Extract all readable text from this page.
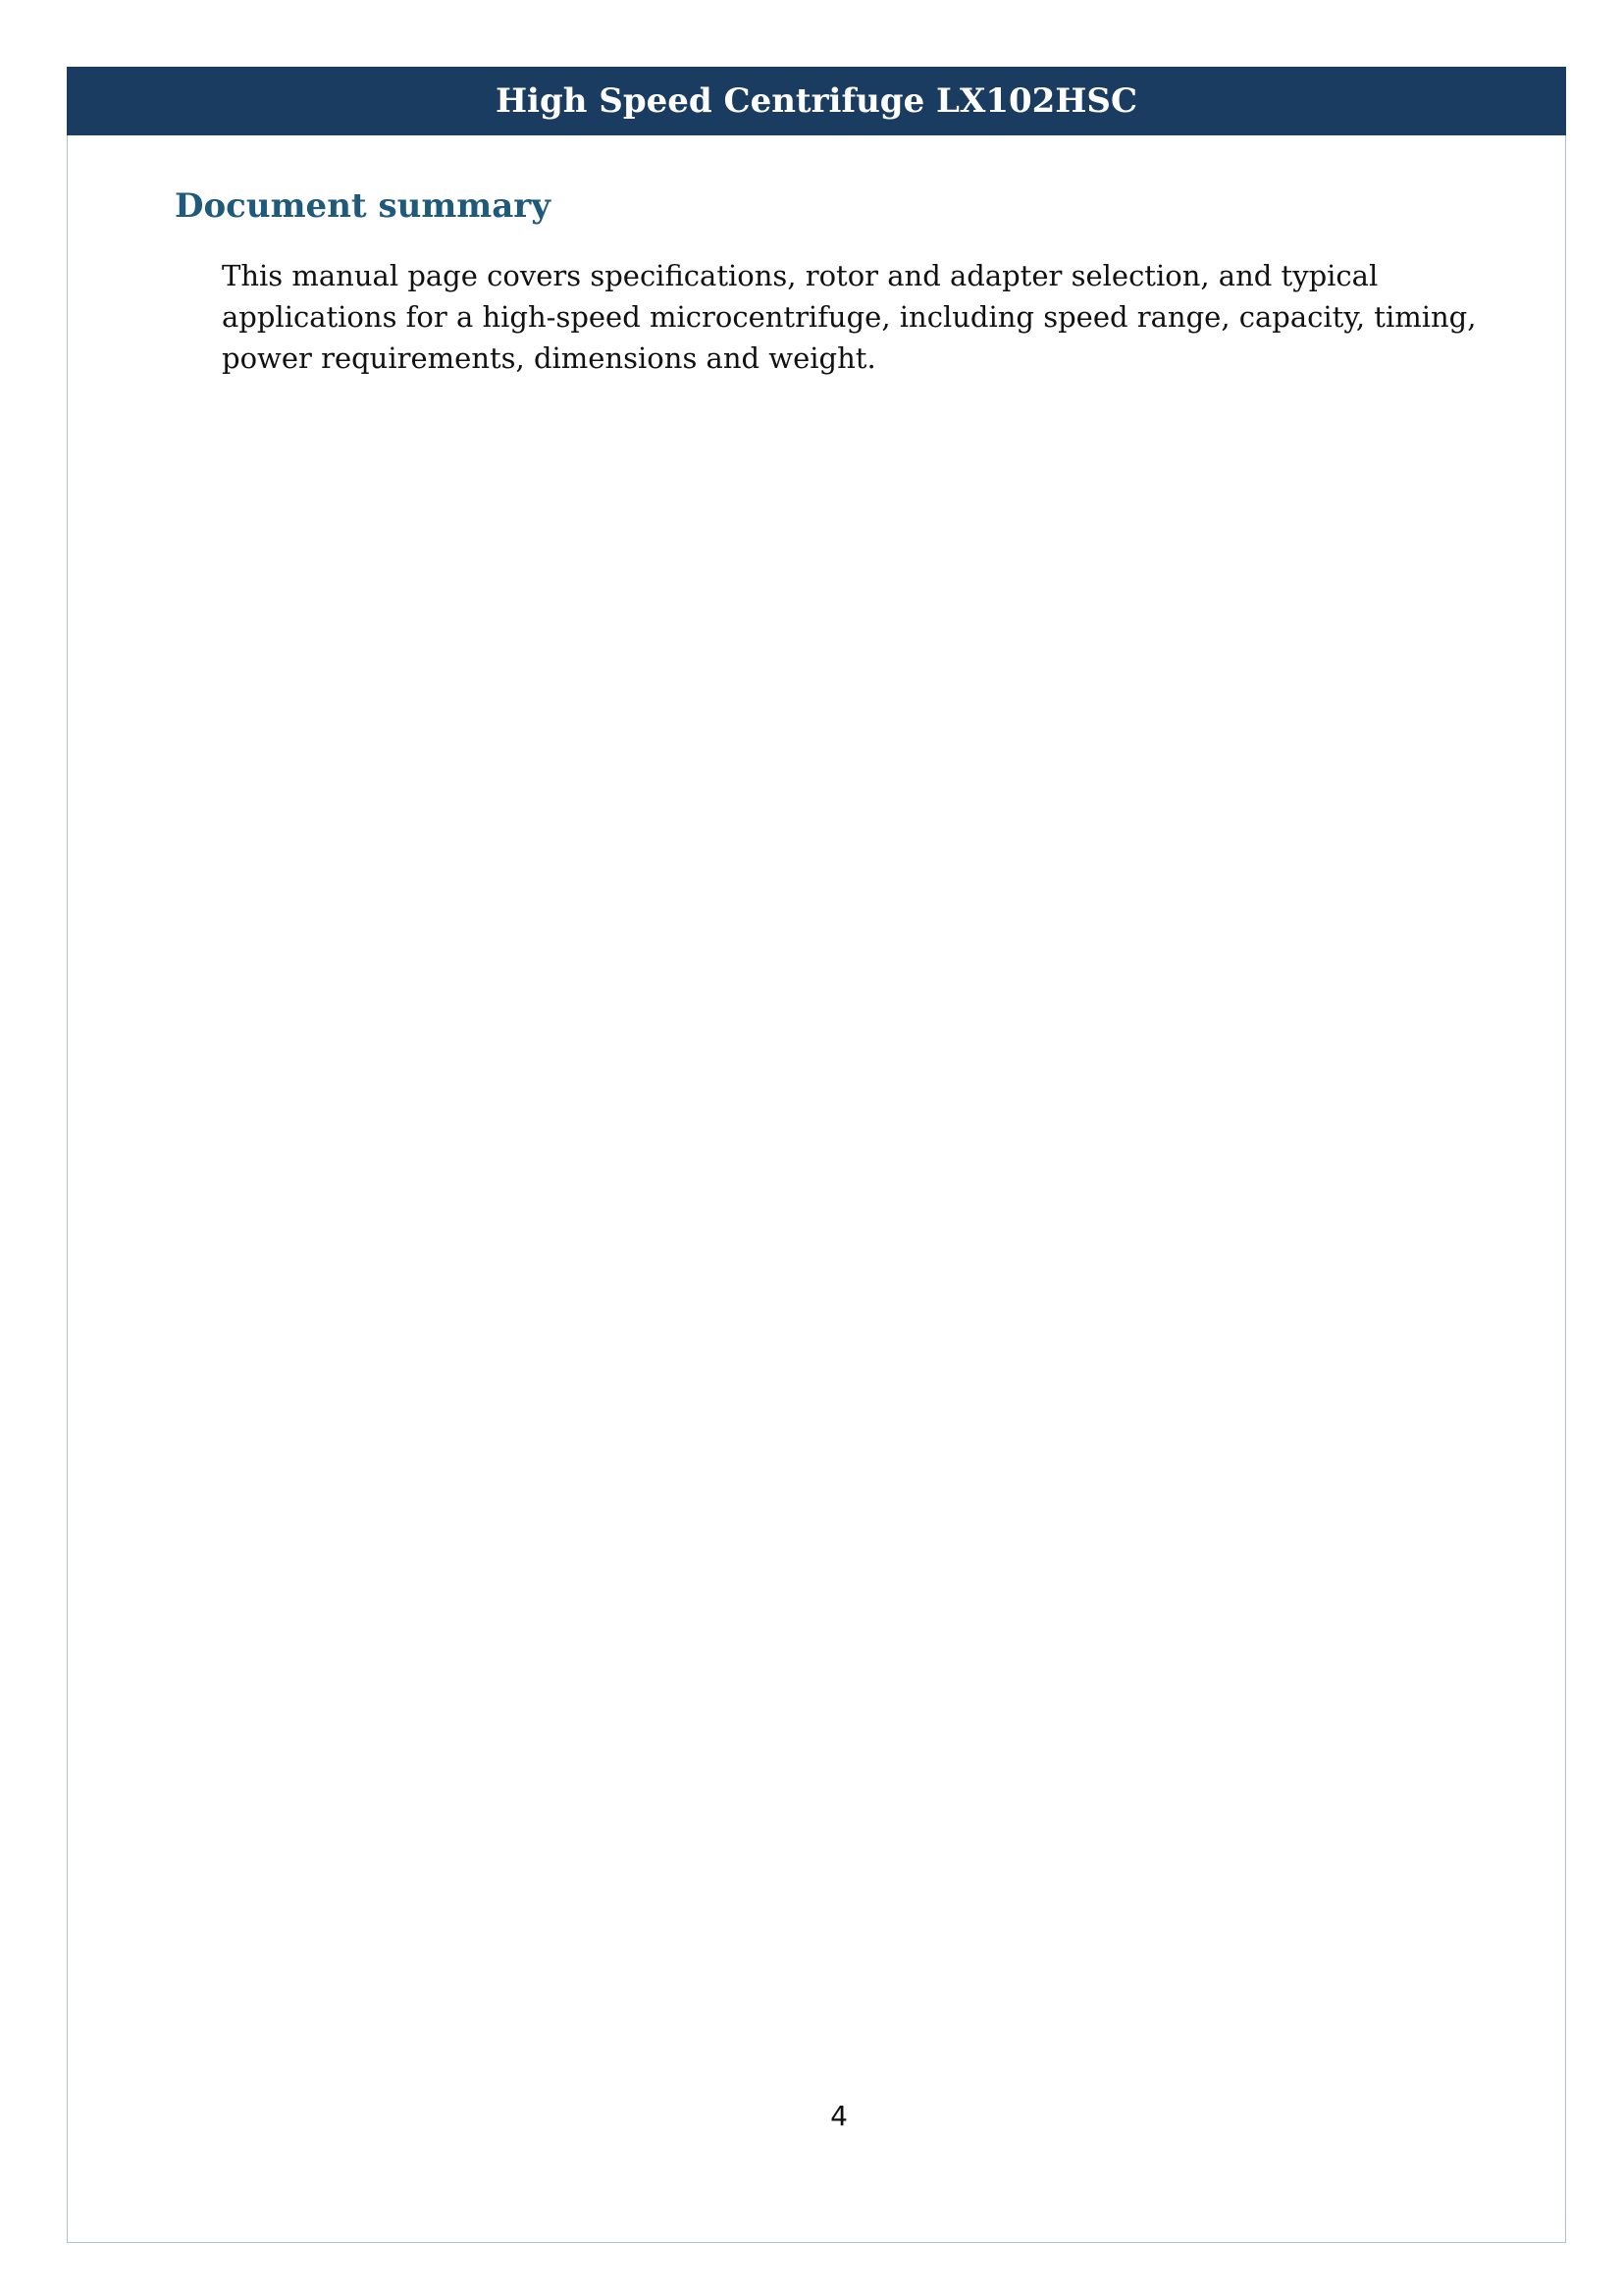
High Speed Centrifuge LX102HSC
Document summary
This manual page covers specifications, rotor and adapter selection, and typical applications for a high-speed microcentrifuge, including speed range, capacity, timing, power requirements, dimensions and weight.
4
